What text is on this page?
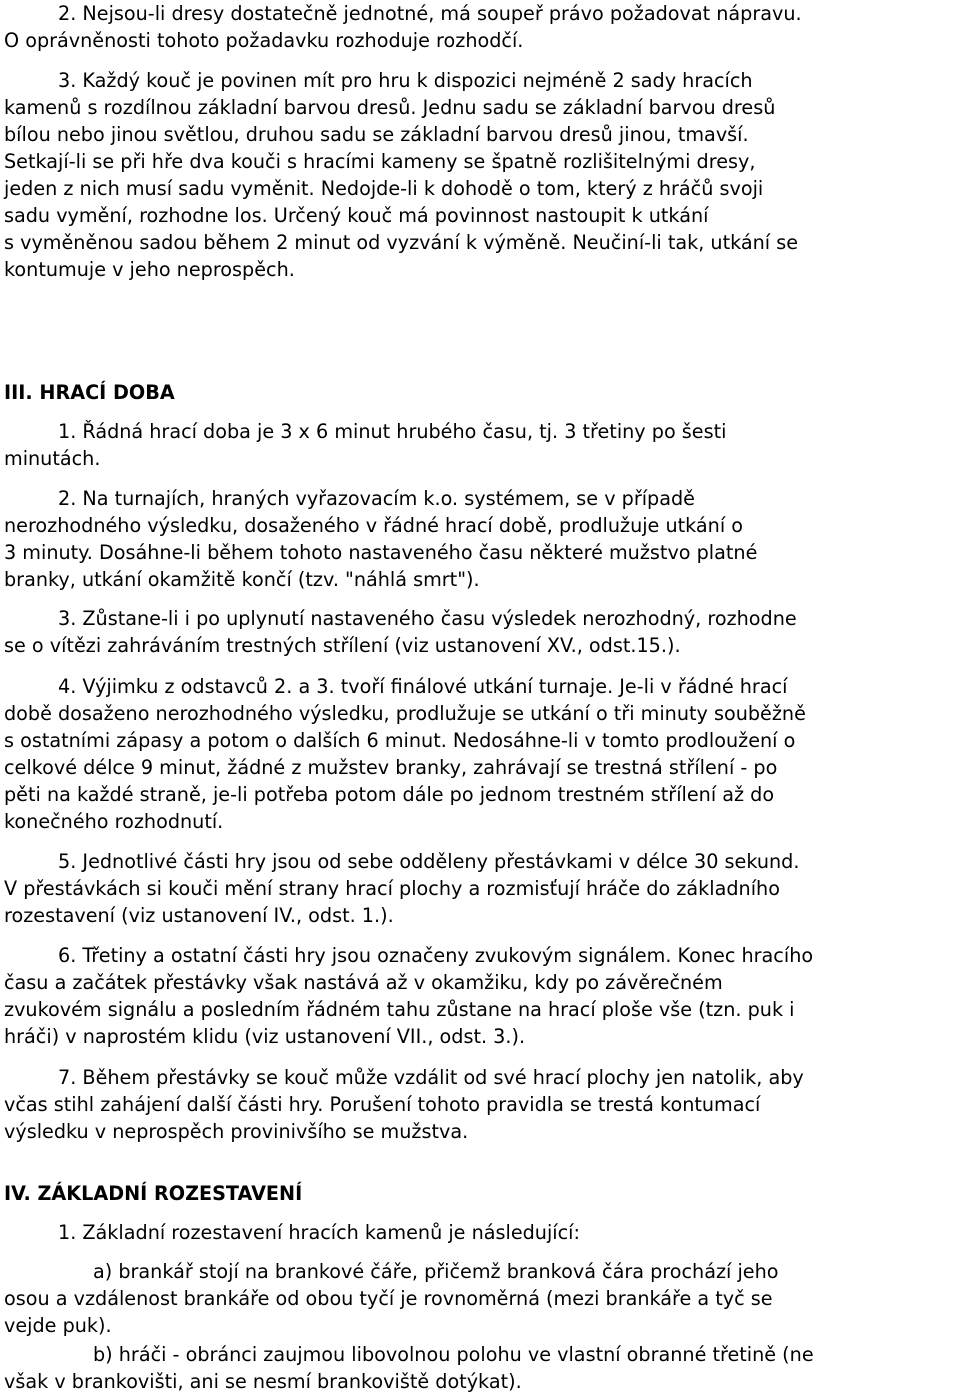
2. Nejsou-li dresy dostatečně jednotné, má soupeř právo požadovat nápravu.

O oprávněnosti tohoto požadavku rozhoduje rozhodčí.

3. Každý kouč je povinen mít pro hru k dispozici nejméně 2 sady hracích

kamenů s rozdílnou základní barvou dresů. Jednu sadu se základní barvou dresů

bílou nebo jinou světlou, druhou sadu se základní barvou dresů jinou, tmavší.

Setkají-li se při hře dva kouči s hracími kameny se špatně rozlišitelnými dresy,

jeden z nich musí sadu vyměnit. Nedojde-li k dohodě o tom, který z hráčů svoji

sadu vymění, rozhodne los. Určený kouč má povinnost nastoupit k utkání

s vyměněnou sadou během 2 minut od vyzvání k výměně. Neučiní-li tak, utkání se

kontumuje v jeho neprospěch.

III. HRACÍ DOBA

1. Řádná hrací doba je 3 x 6 minut hrubého času, tj. 3 třetiny po šesti

minutách.

2. Na turnajích, hraných vyřazovacím k.o. systémem, se v případě

nerozhodného výsledku, dosaženého v řádné hrací době, prodlužuje utkání o

3 minuty. Dosáhne-li během tohoto nastaveného času některé mužstvo platné

branky, utkání okamžitě končí (tzv. "náhlá smrt").

3. Zůstane-li i po uplynutí nastaveného času výsledek nerozhodný, rozhodne

se o vítězi zahráváním trestných střílení (viz ustanovení XV., odst.15.).

4. Výjimku z odstavců 2. a 3. tvoří finálové utkání turnaje. Je-li v řádné hrací

době dosaženo nerozhodného výsledku, prodlužuje se utkání o tři minuty souběžně

s ostatními zápasy a potom o dalších 6 minut. Nedosáhne-li v tomto prodloužení o

celkové délce 9 minut, žádné z mužstev branky, zahrávají se trestná střílení - po

pěti na každé straně, je-li potřeba potom dále po jednom trestném střílení až do

konečného rozhodnutí.

5. Jednotlivé části hry jsou od sebe odděleny přestávkami v délce 30 sekund.

V přestávkách si kouči mění strany hrací plochy a rozmisťují hráče do základního

rozestavení (viz ustanovení IV., odst. 1.).

6. Třetiny a ostatní části hry jsou označeny zvukovým signálem. Konec hracího

času a začátek přestávky však nastává až v okamžiku, kdy po závěrečném

zvukovém signálu a posledním řádném tahu zůstane na hrací ploše vše (tzn. puk i

hráči) v naprostém klidu (viz ustanovení VII., odst. 3.).

7. Během přestávky se kouč může vzdálit od své hrací plochy jen natolik, aby

včas stihl zahájení další části hry. Porušení tohoto pravidla se trestá kontumací

výsledku v neprospěch provinivšího se mužstva.

IV. ZÁKLADNÍ ROZESTAVENÍ

1. Základní rozestavení hracích kamenů je následující:

a) brankář stojí na brankové čáře, přičemž branková čára prochází jeho

osou a vzdálenost brankáře od obou tyčí je rovnoměrná (mezi brankáře a tyč se

vejde puk).

b) hráči - obránci zaujmou libovolnou polohu ve vlastní obranné třetině (ne

však v brankovišti, ani se nesmí brankoviště dotýkat).
